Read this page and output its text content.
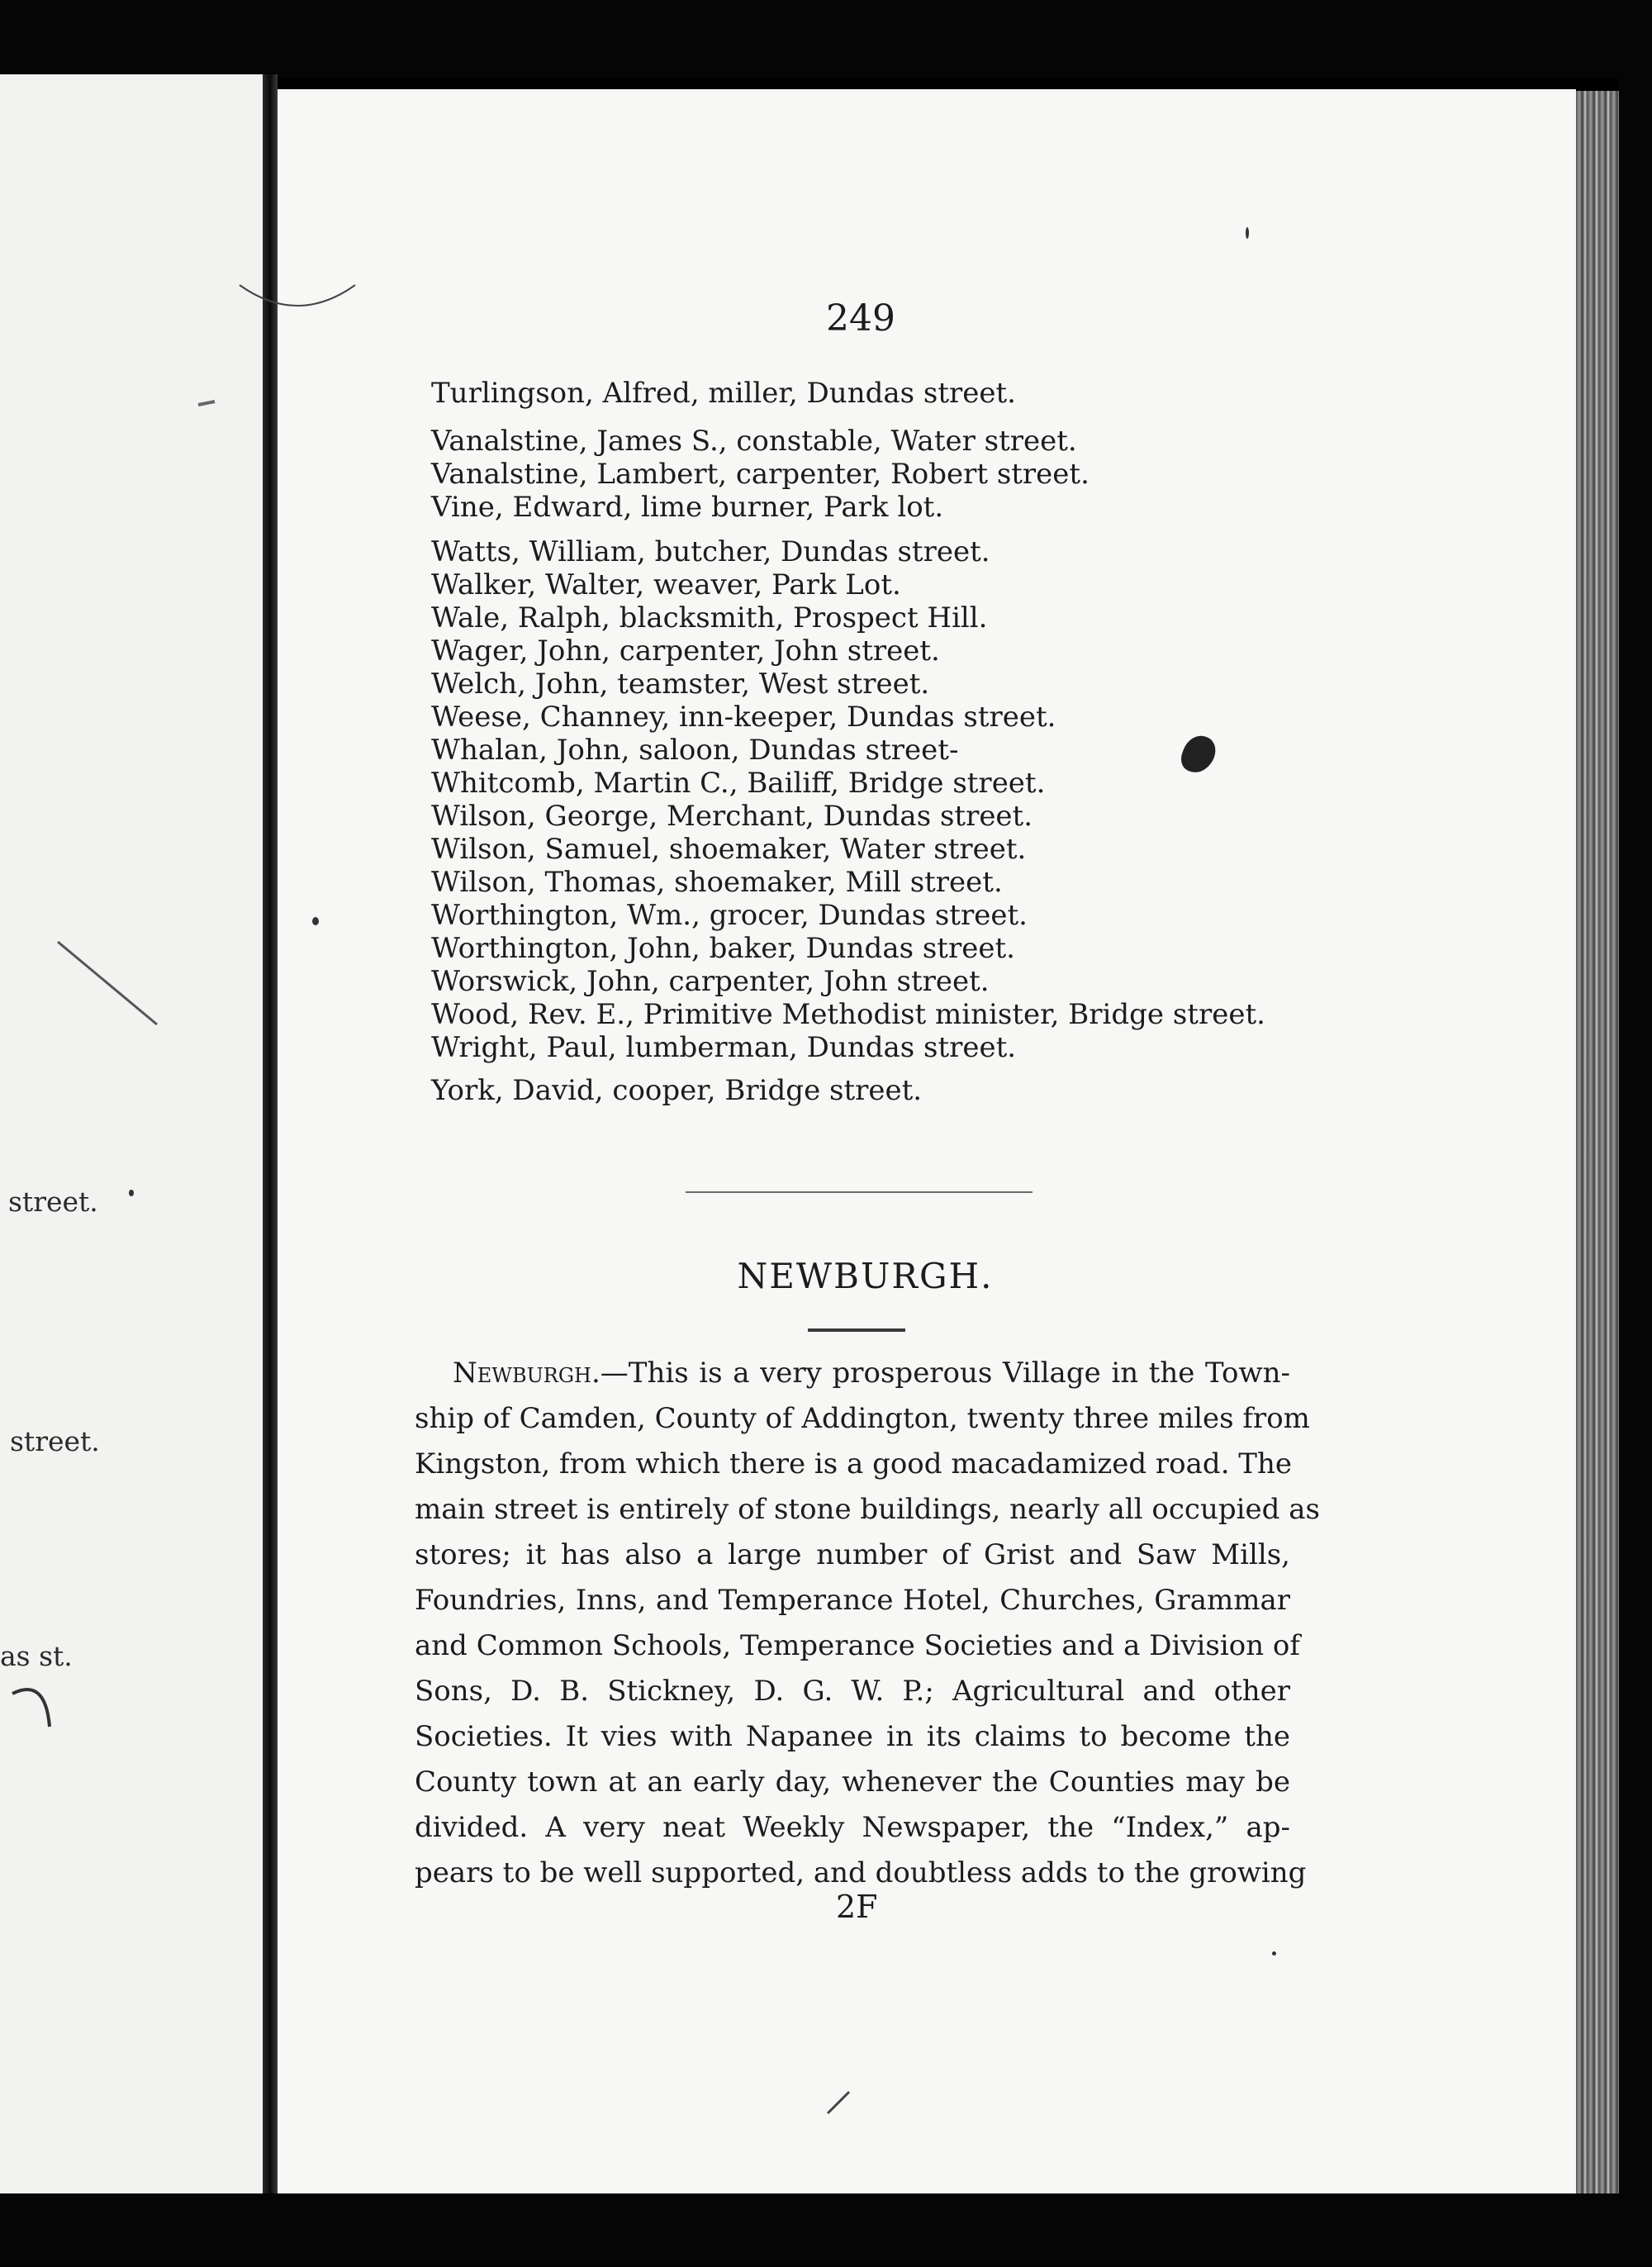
street.
street.
as st.
249
Turlingson, Alfred, miller, Dundas street.
Vanalstine, James S., constable, Water street.
Vanalstine, Lambert, carpenter, Robert street.
Vine, Edward, lime burner, Park lot.
Watts, William, butcher, Dundas street.
Walker, Walter, weaver, Park Lot.
Wale, Ralph, blacksmith, Prospect Hill.
Wager, John, carpenter, John street.
Welch, John, teamster, West street.
Weese, Channey, inn-keeper, Dundas street.
Whalan, John, saloon, Dundas street-
Whitcomb, Martin C., Bailiff, Bridge street.
Wilson, George, Merchant, Dundas street.
Wilson, Samuel, shoemaker, Water street.
Wilson, Thomas, shoemaker, Mill street.
Worthington, Wm., grocer, Dundas street.
Worthington, John, baker, Dundas street.
Worswick, John, carpenter, John street.
Wood, Rev. E., Primitive Methodist minister, Bridge street.
Wright, Paul, lumberman, Dundas street.
York, David, cooper, Bridge street.
NEWBURGH.
Newburgh.—This is a very prosperous Village in the Town-
ship of Camden, County of Addington, twenty three miles from
Kingston, from which there is a good macadamized road. The
main street is entirely of stone buildings, nearly all occupied as
stores; it has also a large number of Grist and Saw Mills,
Foundries, Inns, and Temperance Hotel, Churches, Grammar
and Common Schools, Temperance Societies and a Division of
Sons, D. B. Stickney, D. G. W. P.; Agricultural and other
Societies. It vies with Napanee in its claims to become the
County town at an early day, whenever the Counties may be
divided. A very neat Weekly Newspaper, the “Index,” ap-
pears to be well supported, and doubtless adds to the growing
2F
